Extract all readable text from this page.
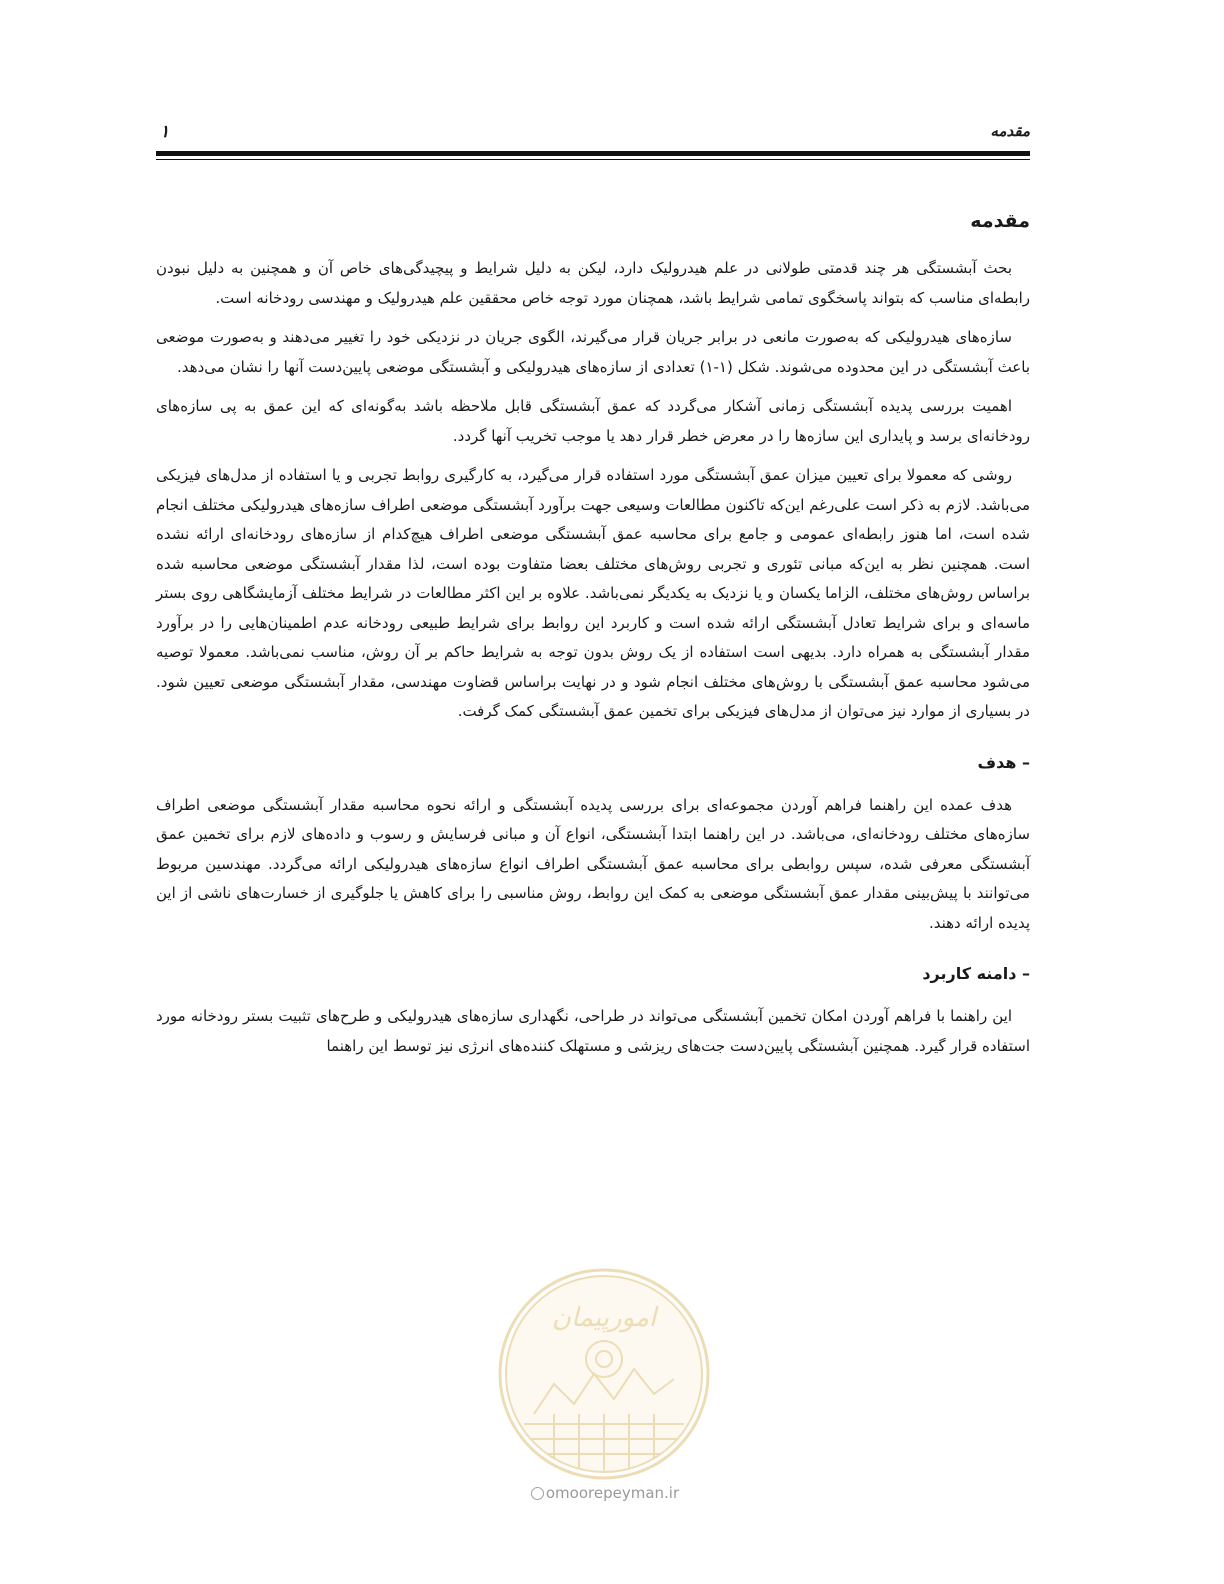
مقدمه
۱
مقدمه

بحث آبشستگی هر چند قدمتی طولانی در علم هیدرولیک دارد، لیکن به دلیل شرایط و پیچیدگی‌های خاص آن و همچنین به دلیل نبودن رابطه‌ای مناسب که بتواند پاسخگوی تمامی شرایط باشد، همچنان مورد توجه خاص محققین علم هیدرولیک و مهندسی رودخانه است.

سازه‌های هیدرولیکی که به‌صورت مانعی در برابر جریان قرار می‌گیرند، الگوی جریان در نزدیکی خود را تغییر می‌دهند و به‌صورت موضعی باعث آبشستگی در این محدوده می‌شوند. شکل (۱-۱) تعدادی از سازه‌های هیدرولیکی و آبشستگی موضعی پایین‌دست آنها را نشان می‌دهد.

اهمیت بررسی پدیده آبشستگی زمانی آشکار می‌گردد که عمق آبشستگی قابل ملاحظه باشد به‌گونه‌ای که این عمق به پی سازه‌های رودخانه‌ای برسد و پایداری این سازه‌ها را در معرض خطر قرار دهد یا موجب تخریب آنها گردد.

روشی که معمولا برای تعیین میزان عمق آبشستگی مورد استفاده قرار می‌گیرد، به کارگیری روابط تجربی و یا استفاده از مدل‌های فیزیکی می‌باشد. لازم به ذکر است علی‌رغم این‌که تاکنون مطالعات وسیعی جهت برآورد آبشستگی موضعی اطراف سازه‌های هیدرولیکی مختلف انجام شده است، اما هنوز رابطه‌ای عمومی و جامع برای محاسبه عمق آبشستگی موضعی اطراف هیچ‌کدام از سازه‌های رودخانه‌ای ارائه نشده است. همچنین نظر به این‌که مبانی تئوری و تجربی روش‌های مختلف بعضا متفاوت بوده است، لذا مقدار آبشستگی موضعی محاسبه شده براساس روش‌های مختلف، الزاما یکسان و یا نزدیک به یکدیگر نمی‌باشد. علاوه بر این اکثر مطالعات در شرایط مختلف آزمایشگاهی روی بستر ماسه‌ای و برای شرایط تعادل آبشستگی ارائه شده است و کاربرد این روابط برای شرایط طبیعی رودخانه عدم اطمینان‌هایی را در برآورد مقدار آبشستگی به همراه دارد. بدیهی است استفاده از یک روش بدون توجه به شرایط حاکم بر آن روش، مناسب نمی‌باشد. معمولا توصیه می‌شود محاسبه عمق آبشستگی با روش‌های مختلف انجام شود و در نهایت براساس قضاوت مهندسی، مقدار آبشستگی موضعی تعیین شود. در بسیاری از موارد نیز می‌توان از مدل‌های فیزیکی برای تخمین عمق آبشستگی کمک گرفت.

– هدف

هدف عمده این راهنما فراهم آوردن مجموعه‌ای برای بررسی پدیده آبشستگی و ارائه نحوه محاسبه مقدار آبشستگی موضعی اطراف سازه‌های مختلف رودخانه‌ای، می‌باشد. در این راهنما ابتدا آبشستگی، انواع آن و مبانی فرسایش و رسوب و داده‌های لازم برای تخمین عمق آبشستگی معرفی شده، سپس روابطی برای محاسبه عمق آبشستگی اطراف انواع سازه‌های هیدرولیکی ارائه می‌گردد. مهندسین مربوط می‌توانند با پیش‌بینی مقدار عمق آبشستگی موضعی به کمک این روابط، روش مناسبی را برای کاهش یا جلوگیری از خسارت‌های ناشی از این پدیده ارائه دهند.

– دامنه کاربرد

این راهنما با فراهم آوردن امکان تخمین آبشستگی می‌تواند در طراحی، نگهداری سازه‌های هیدرولیکی و طرح‌های تثبیت بستر رودخانه مورد استفاده قرار گیرد. همچنین آبشستگی پایین‌دست جت‌های ریزشی و مستهلک کننده‌های انرژی نیز توسط این راهنما

امورپیمان
omoorepeyman.ir
